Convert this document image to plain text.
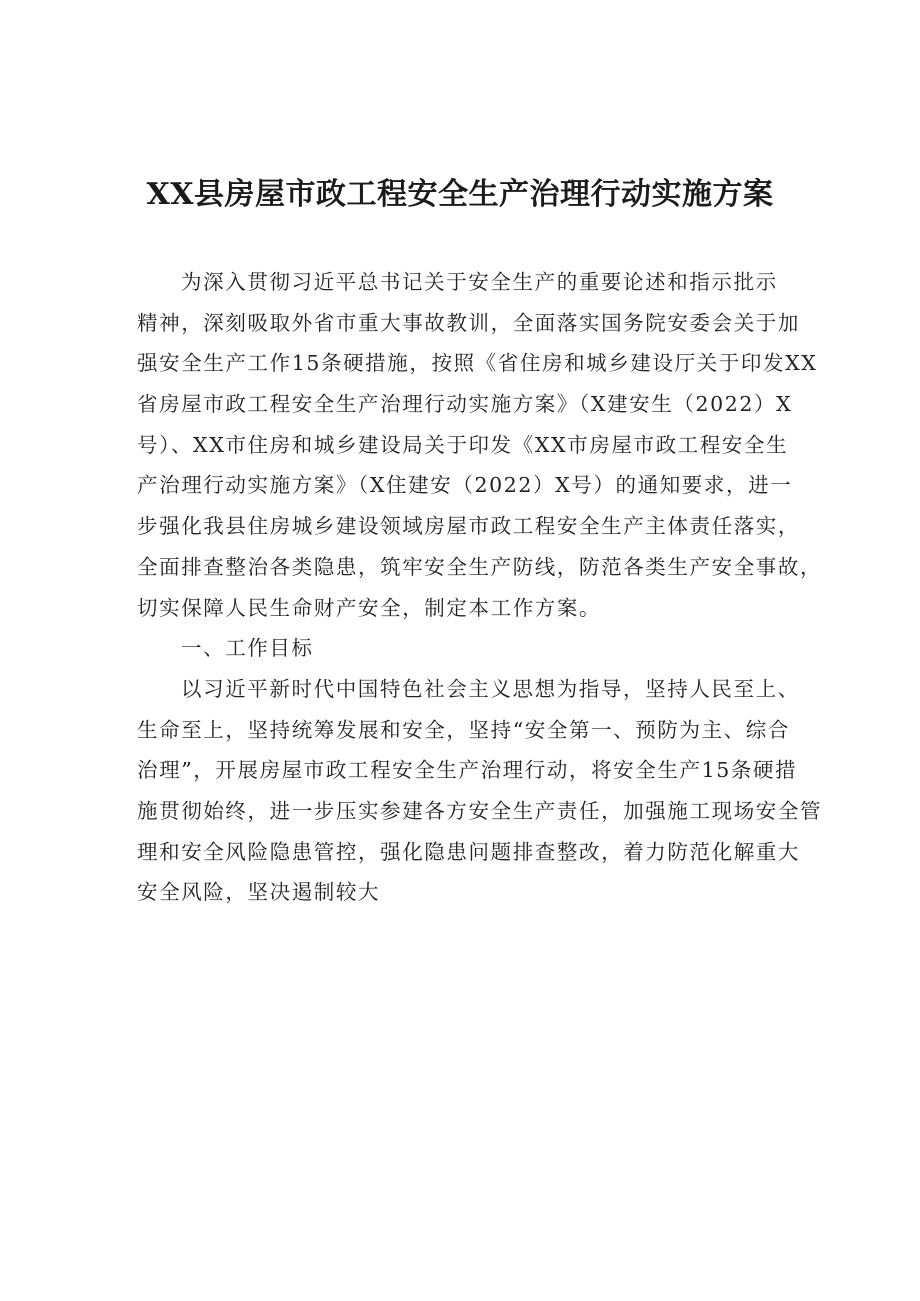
XX县房屋市政工程安全生产治理行动实施方案
为深入贯彻习近平总书记关于安全生产的重要论述和指示批示
精神，深刻吸取外省市重大事故教训，全面落实国务院安委会关于加
强安全生产工作15条硬措施，按照《省住房和城乡建设厅关于印发XX
省房屋市政工程安全生产治理行动实施方案》（X建安生（2022）X
号）、XX市住房和城乡建设局关于印发《XX市房屋市政工程安全生
产治理行动实施方案》（X住建安（2022）X号）的通知要求，进一
步强化我县住房城乡建设领域房屋市政工程安全生产主体责任落实，
全面排查整治各类隐患，筑牢安全生产防线，防范各类生产安全事故，
切实保障人民生命财产安全，制定本工作方案。
一、工作目标
以习近平新时代中国特色社会主义思想为指导，坚持人民至上、
生命至上，坚持统筹发展和安全，坚持“安全第一、预防为主、综合
治理”，开展房屋市政工程安全生产治理行动，将安全生产15条硬措
施贯彻始终，进一步压实参建各方安全生产责任，加强施工现场安全管
理和安全风险隐患管控，强化隐患问题排查整改，着力防范化解重大
安全风险，坚决遏制较大
